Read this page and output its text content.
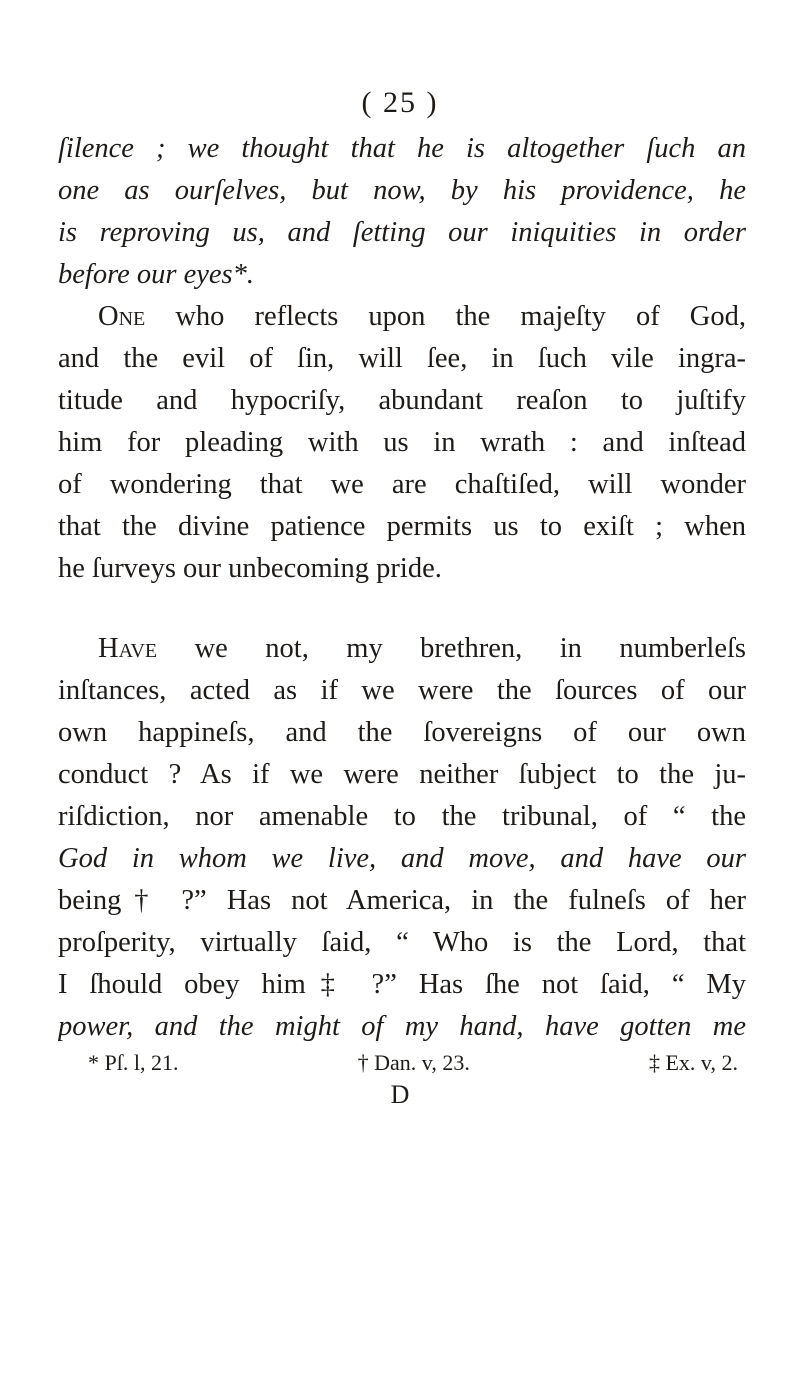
( 25 )
ſilence ; we thought that he is altogether ſuch an
one as ourſelves, but now, by his providence, he
is reproving us, and ſetting our iniquities in order
before our eyes*.
One who reflects upon the majeſty of God,
and the evil of ſin, will ſee, in ſuch vile ingra-
titude and hypocriſy, abundant reaſon to juſtify
him for pleading with us in wrath : and inſtead
of wondering that we are chaſtiſed, will wonder
that the divine patience permits us to exiſt ; when
he ſurveys our unbecoming pride.
Have we not, my brethren, in numberleſs
inſtances, acted as if we were the ſources of our
own happineſs, and the ſovereigns of our own
conduct ? As if we were neither ſubject to the ju-
riſdiction, nor amenable to the tribunal, of “ the
God in whom we live, and move, and have our
being† ?” Has not America, in the fulneſs of her
proſperity, virtually ſaid, “ Who is the Lord, that
I ſhould obey him‡ ?” Has ſhe not ſaid, “ My
power, and the might of my hand, have gotten me
* Pſ. l, 21.	† Dan. v, 23.	‡ Ex. v, 2.
D
